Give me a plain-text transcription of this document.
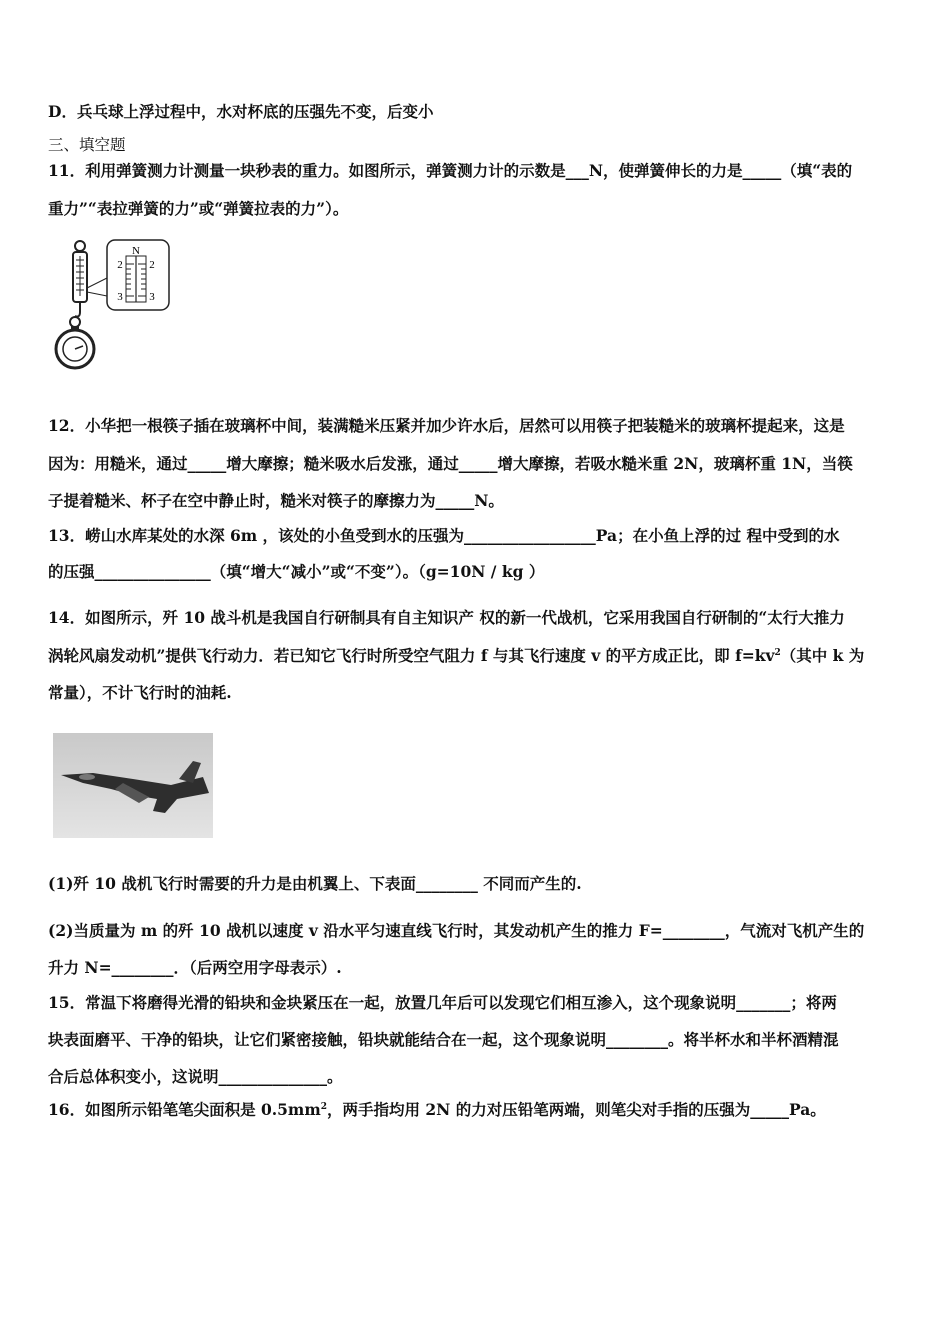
D．兵乓球上浮过程中，水对杯底的压强先不变，后变小
三、填空题
11．利用弹簧测力计测量一块秒表的重力。如图所示，弹簧测力计的示数是___N，使弹簧伸长的力是_____（填“表的
重力”“表拉弹簧的力”或“弹簧拉表的力”）。
N
2
3
2
3
12．小华把一根筷子插在玻璃杯中间，装满糙米压紧并加少许水后，居然可以用筷子把装糙米的玻璃杯提起来，这是
因为：用糙米，通过_____增大摩擦；糙米吸水后发涨，通过_____增大摩擦，若吸水糙米重 2N，玻璃杯重 1N，当筷
子提着糙米、杯子在空中静止时，糙米对筷子的摩擦力为_____N。
13．崂山水库某处的水深 6m ，该处的小鱼受到水的压强为_________________Pa；在小鱼上浮的过 程中受到的水
的压强_______________（填“增大“减小”或“不变”）。（g=10N / kg ）
14．如图所示，歼 10 战斗机是我国自行研制具有自主知识产 权的新一代战机，它采用我国自行研制的“太行大推力
涡轮风扇发动机”提供飞行动力．若已知它飞行时所受空气阻力 f 与其飞行速度 v 的平方成正比，即 $f=kv^2$（其中 k 为
常量），不计飞行时的油耗.
(1)歼 10 战机飞行时需要的升力是由机翼上、下表面________ 不同而产生的.
(2)当质量为 m 的歼 10 战机以速度 v 沿水平匀速直线飞行时，其发动机产生的推力 F=________，气流对飞机产生的
升力 N=________．（后两空用字母表示）.
15．常温下将磨得光滑的铅块和金块紧压在一起，放置几年后可以发现它们相互渗入，这个现象说明_______；将两
块表面磨平、干净的铅块，让它们紧密接触，铅块就能结合在一起，这个现象说明________。将半杯水和半杯酒精混
合后总体积变小，这说明______________。
16．如图所示铅笔笔尖面积是 $0.5mm^2$，两手指均用 2N 的力对压铅笔两端，则笔尖对手指的压强为_____Pa。
